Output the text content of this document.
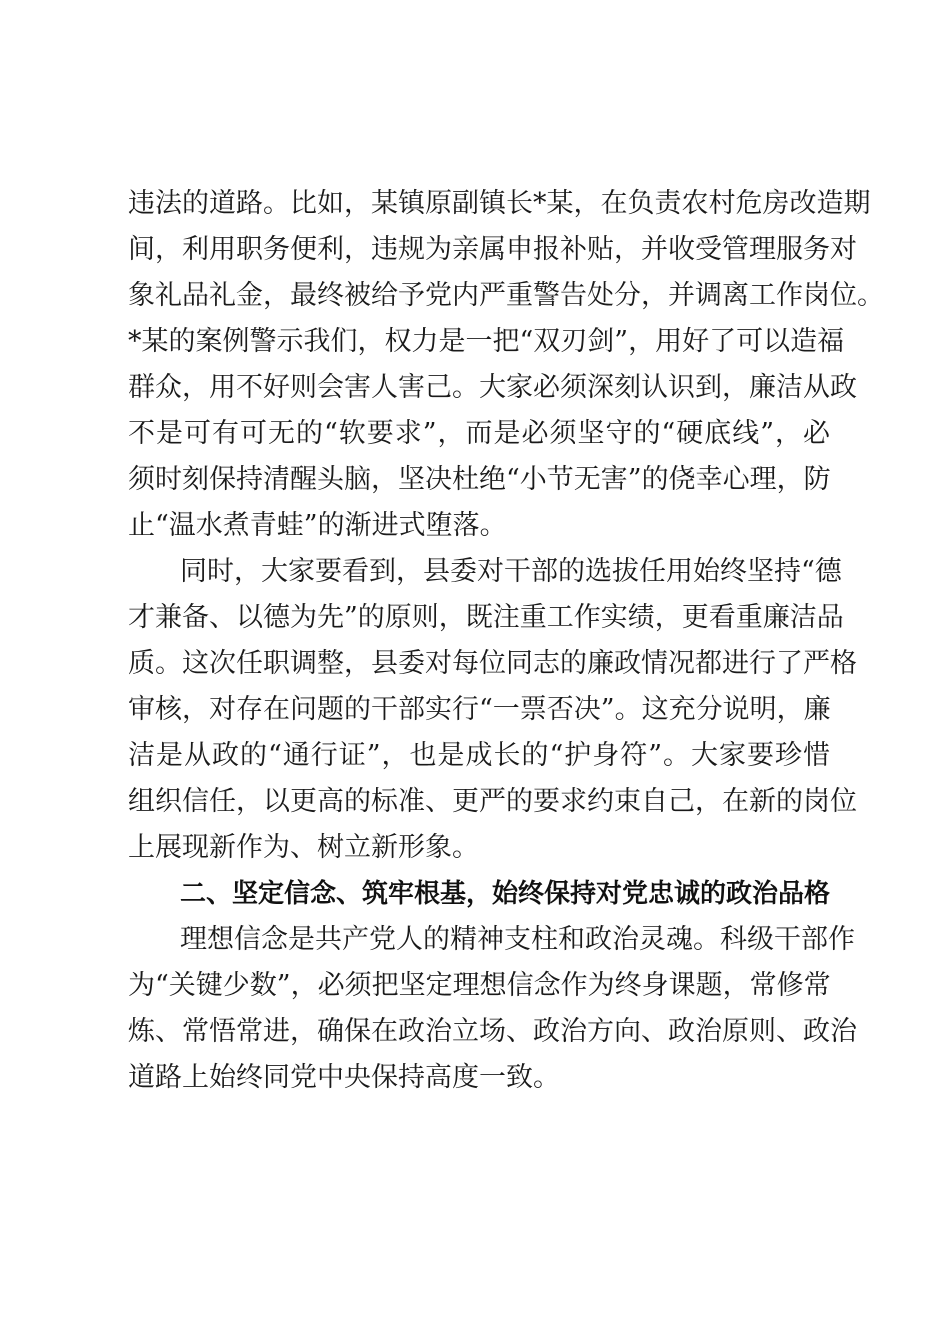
违法的道路。比如，某镇原副镇长*某，在负责农村危房改造期
间，利用职务便利，违规为亲属申报补贴，并收受管理服务对
象礼品礼金，最终被给予党内严重警告处分，并调离工作岗位。
*某的案例警示我们，权力是一把“双刃剑”，用好了可以造福
群众，用不好则会害人害己。大家必须深刻认识到，廉洁从政
不是可有可无的“软要求”，而是必须坚守的“硬底线”，必
须时刻保持清醒头脑，坚决杜绝“小节无害”的侥幸心理，防
止“温水煮青蛙”的渐进式堕落。
同时，大家要看到，县委对干部的选拔任用始终坚持“德
才兼备、以德为先”的原则，既注重工作实绩，更看重廉洁品
质。这次任职调整，县委对每位同志的廉政情况都进行了严格
审核，对存在问题的干部实行“一票否决”。这充分说明，廉
洁是从政的“通行证”，也是成长的“护身符”。大家要珍惜
组织信任，以更高的标准、更严的要求约束自己，在新的岗位
上展现新作为、树立新形象。
二、坚定信念、筑牢根基，始终保持对党忠诚的政治品格
理想信念是共产党人的精神支柱和政治灵魂。科级干部作
为“关键少数”，必须把坚定理想信念作为终身课题，常修常
炼、常悟常进，确保在政治立场、政治方向、政治原则、政治
道路上始终同党中央保持高度一致。
